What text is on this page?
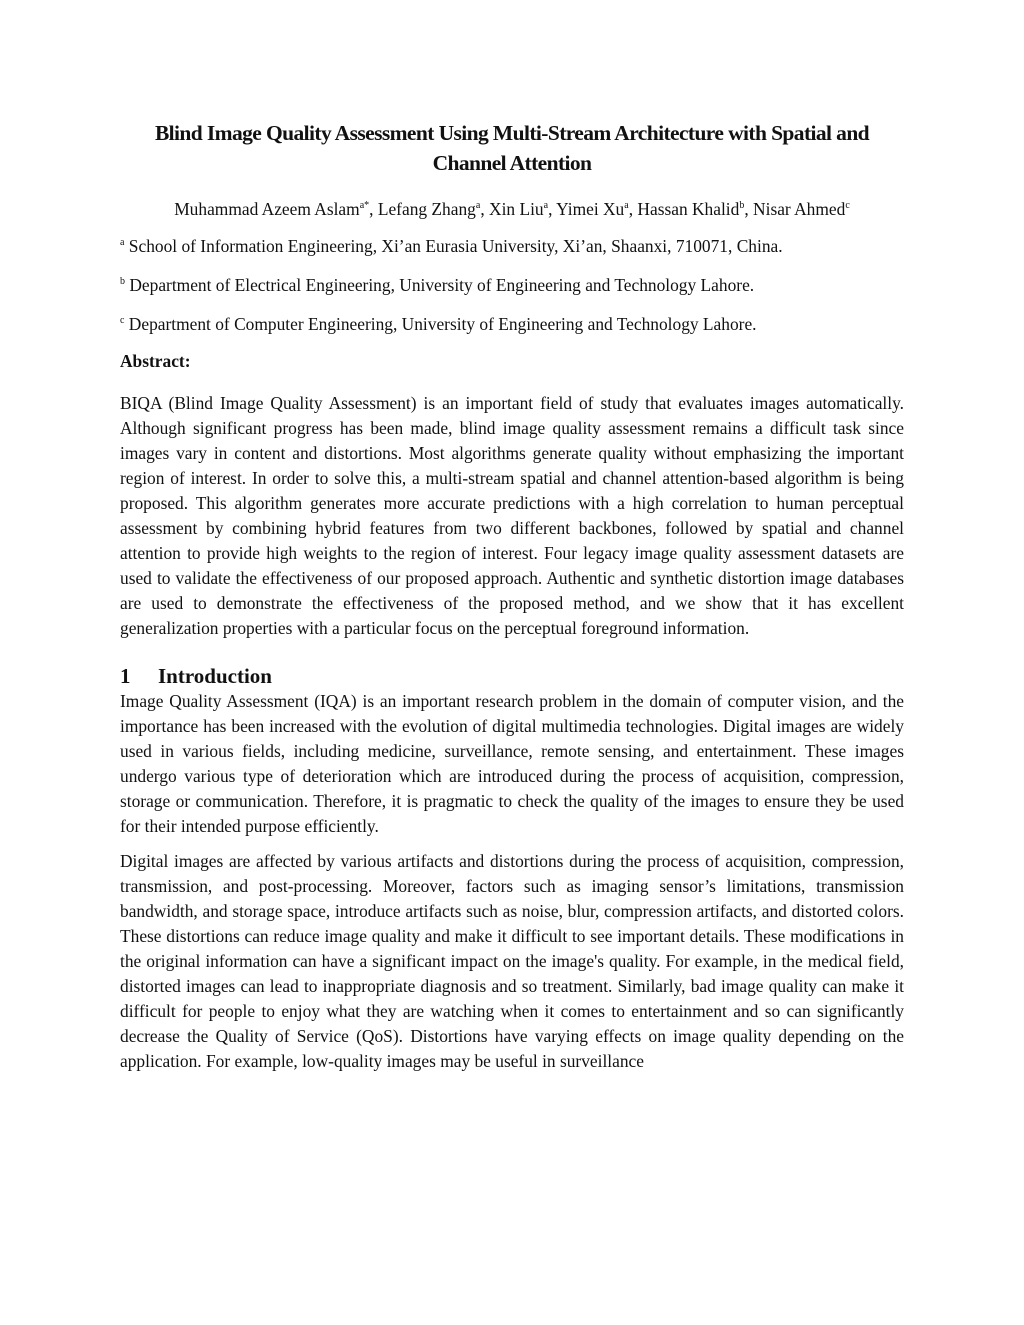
Blind Image Quality Assessment Using Multi-Stream Architecture with Spatial and Channel Attention
Muhammad Azeem Aslam$^{a*}$, Lefang Zhang$^a$, Xin Liu$^a$, Yimei Xu$^a$, Hassan Khalid$^b$, Nisar Ahmed$^c$
$^a$ School of Information Engineering, Xi’an Eurasia University, Xi’an, Shaanxi, 710071, China.
$^b$ Department of Electrical Engineering, University of Engineering and Technology Lahore.
$^c$ Department of Computer Engineering, University of Engineering and Technology Lahore.
Abstract:

BIQA (Blind Image Quality Assessment) is an important field of study that evaluates images automatically. Although significant progress has been made, blind image quality assessment remains a difficult task since images vary in content and distortions. Most algorithms generate quality without emphasizing the important region of interest. In order to solve this, a multi-stream spatial and channel attention-based algorithm is being proposed. This algorithm generates more accurate predictions with a high correlation to human perceptual assessment by combining hybrid features from two different backbones, followed by spatial and channel attention to provide high weights to the region of interest. Four legacy image quality assessment datasets are used to validate the effectiveness of our proposed approach. Authentic and synthetic distortion image databases are used to demonstrate the effectiveness of the proposed method, and we show that it has excellent generalization properties with a particular focus on the perceptual foreground information.

1	Introduction

Image Quality Assessment (IQA) is an important research problem in the domain of computer vision, and the importance has been increased with the evolution of digital multimedia technologies. Digital images are widely used in various fields, including medicine, surveillance, remote sensing, and entertainment. These images undergo various type of deterioration which are introduced during the process of acquisition, compression, storage or communication. Therefore, it is pragmatic to check the quality of the images to ensure they be used for their intended purpose efficiently.

Digital images are affected by various artifacts and distortions during the process of acquisition, compression, transmission, and post-processing. Moreover, factors such as imaging sensor’s limitations, transmission bandwidth, and storage space, introduce artifacts such as noise, blur, compression artifacts, and distorted colors. These distortions can reduce image quality and make it difficult to see important details. These modifications in the original information can have a significant impact on the image's quality. For example, in the medical field, distorted images can lead to inappropriate diagnosis and so treatment. Similarly, bad image quality can make it difficult for people to enjoy what they are watching when it comes to entertainment and so can significantly decrease the Quality of Service (QoS). Distortions have varying effects on image quality depending on the application. For example, low-quality images may be useful in surveillance
